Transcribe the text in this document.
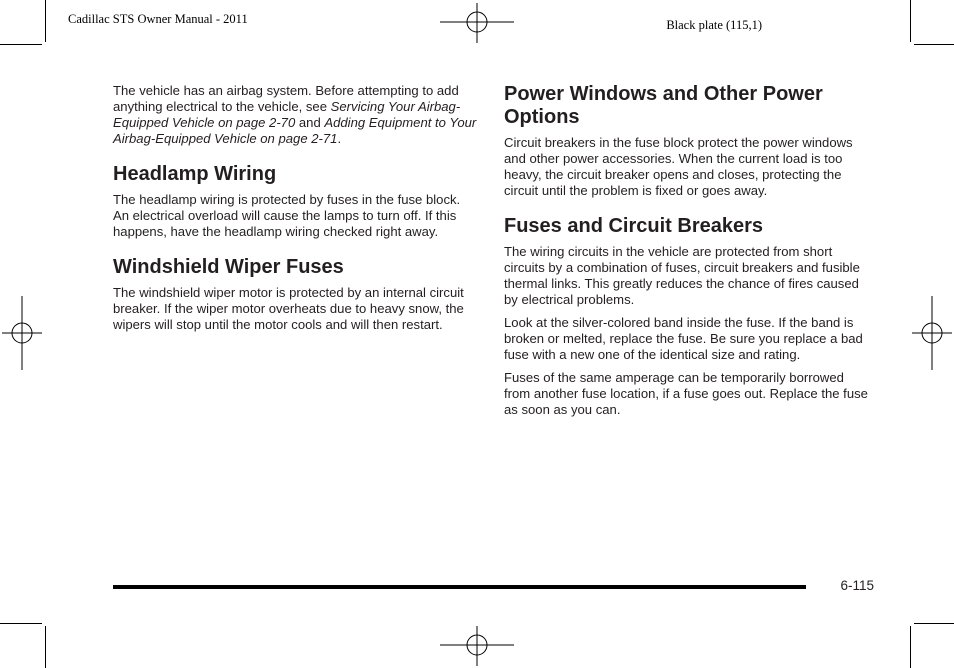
Cadillac STS Owner Manual - 2011	Black plate (115,1)

The vehicle has an airbag system. Before attempting to add anything electrical to the vehicle, see Servicing Your Airbag-Equipped Vehicle on page 2-70 and Adding Equipment to Your Airbag-Equipped Vehicle on page 2-71.

Headlamp Wiring

The headlamp wiring is protected by fuses in the fuse block. An electrical overload will cause the lamps to turn off. If this happens, have the headlamp wiring checked right away.

Windshield Wiper Fuses

The windshield wiper motor is protected by an internal circuit breaker. If the wiper motor overheats due to heavy snow, the wipers will stop until the motor cools and will then restart.

Power Windows and Other Power Options

Circuit breakers in the fuse block protect the power windows and other power accessories. When the current load is too heavy, the circuit breaker opens and closes, protecting the circuit until the problem is fixed or goes away.

Fuses and Circuit Breakers

The wiring circuits in the vehicle are protected from short circuits by a combination of fuses, circuit breakers and fusible thermal links. This greatly reduces the chance of fires caused by electrical problems.

Look at the silver-colored band inside the fuse. If the band is broken or melted, replace the fuse. Be sure you replace a bad fuse with a new one of the identical size and rating.

Fuses of the same amperage can be temporarily borrowed from another fuse location, if a fuse goes out. Replace the fuse as soon as you can.

6-115
